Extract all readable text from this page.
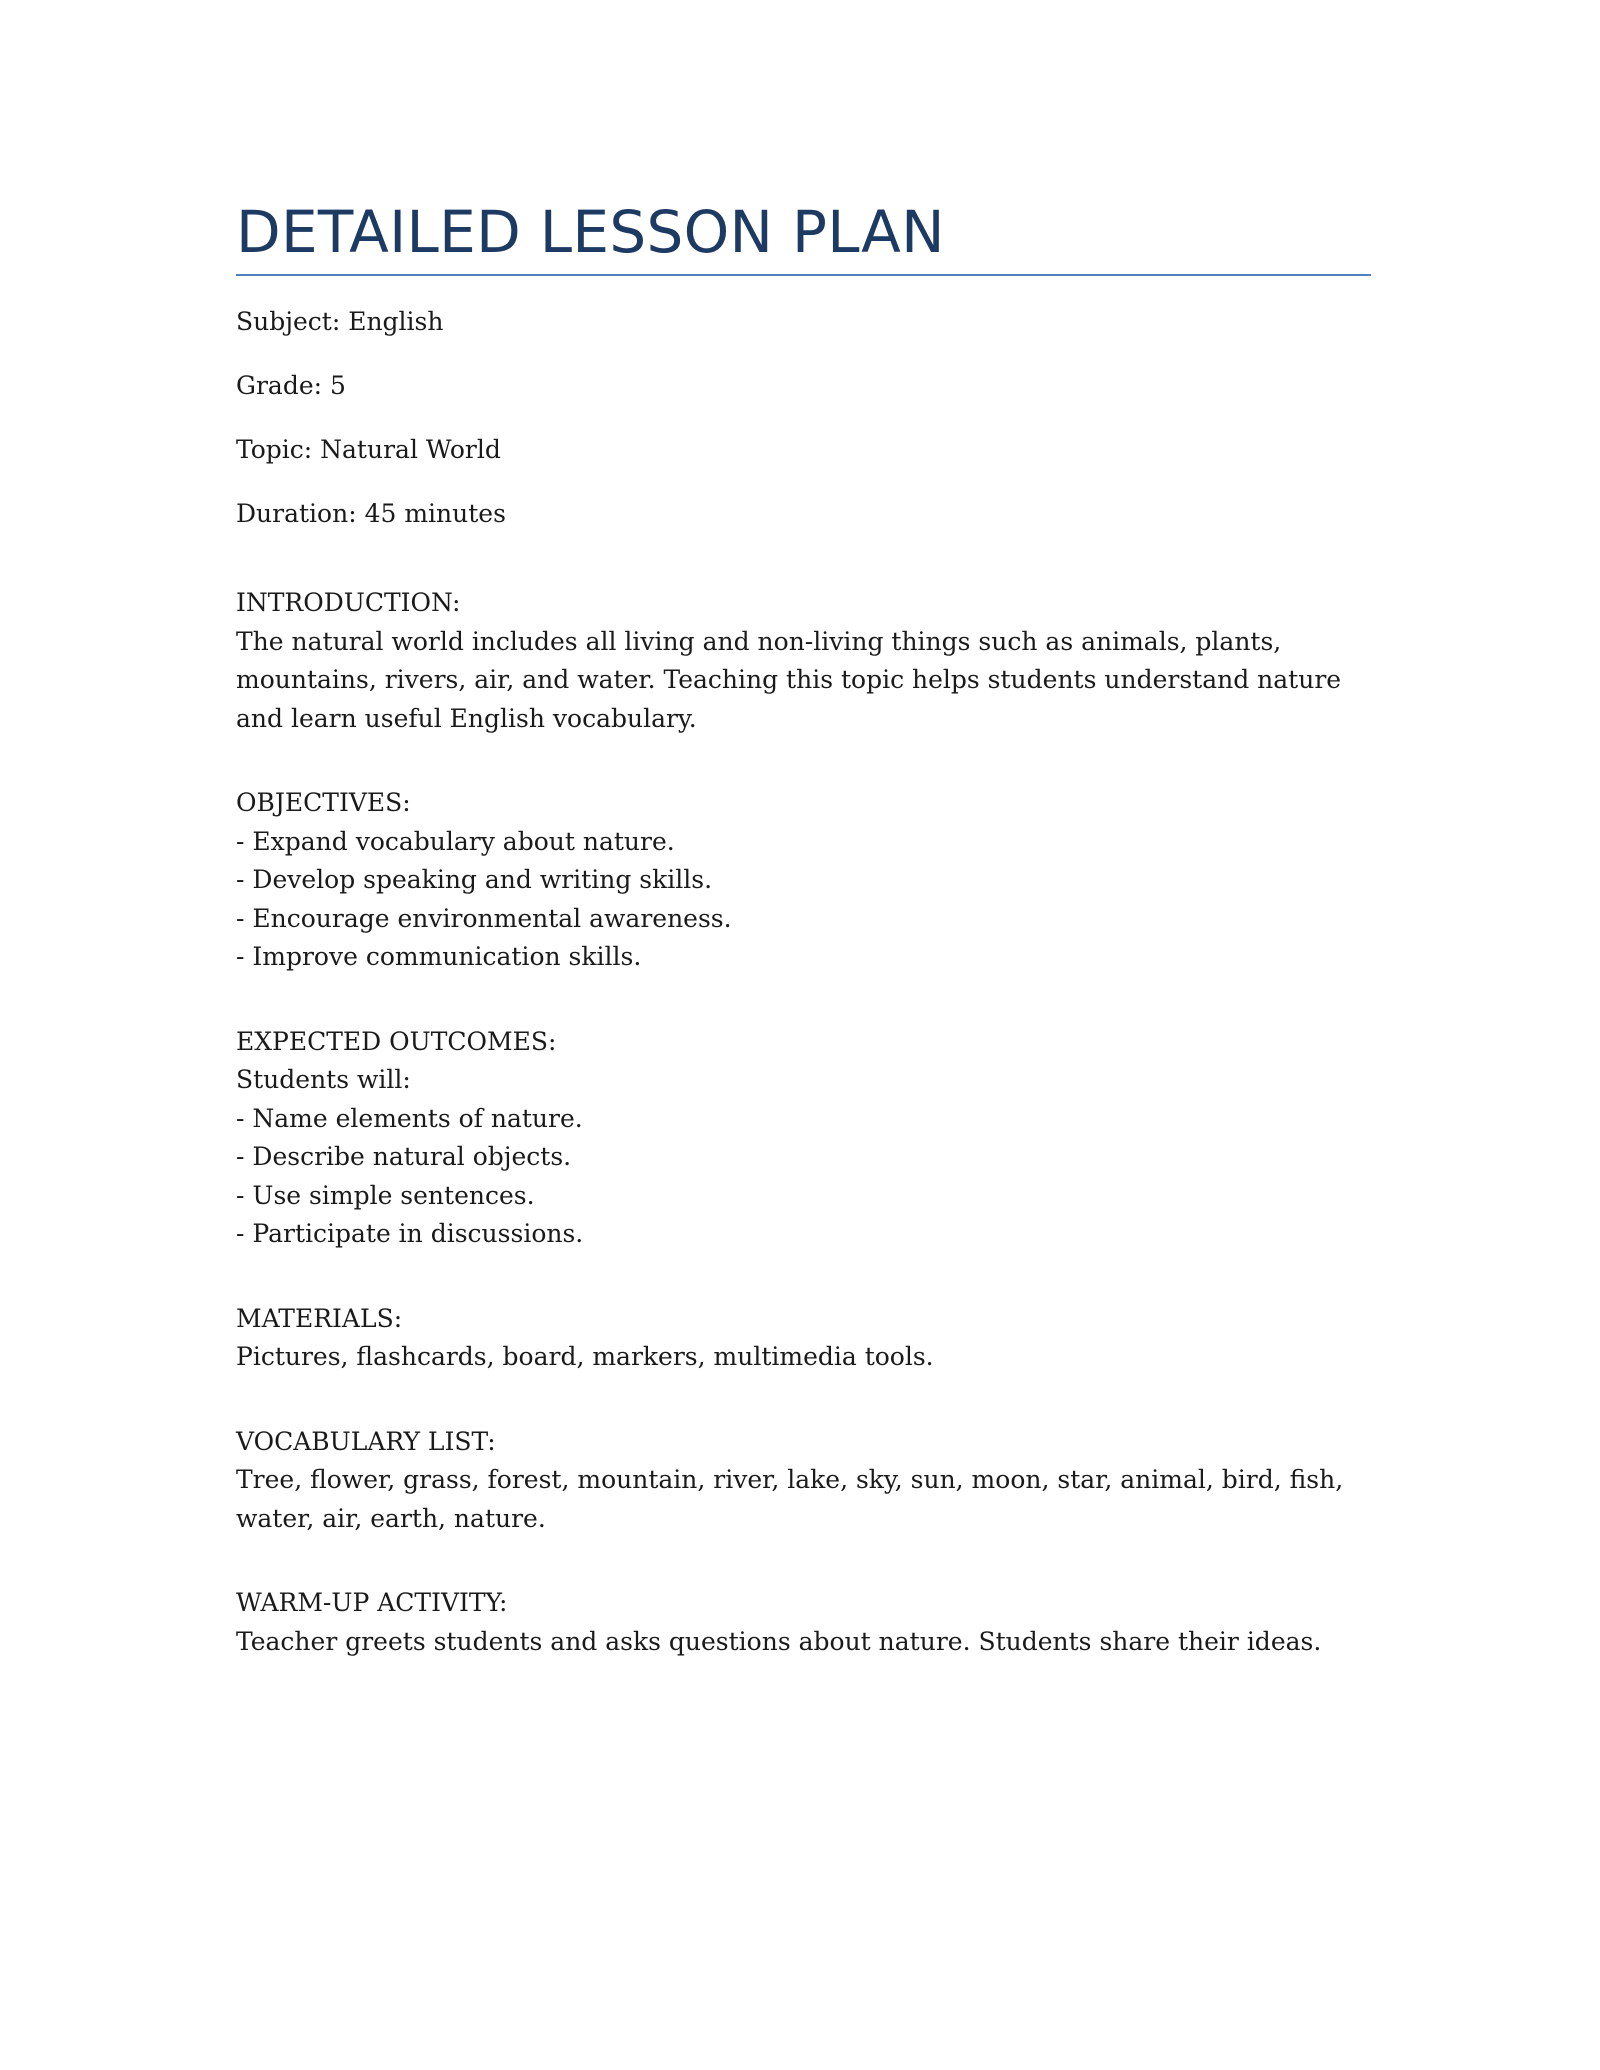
DETAILED LESSON PLAN

Subject: English

Grade: 5

Topic: Natural World

Duration: 45 minutes

INTRODUCTION:

The natural world includes all living and non-living things such as animals, plants, mountains, rivers, air, and water. Teaching this topic helps students understand nature and learn useful English vocabulary.

OBJECTIVES:

- Expand vocabulary about nature.
- Develop speaking and writing skills.
- Encourage environmental awareness.
- Improve communication skills.

EXPECTED OUTCOMES:

Students will:

- Name elements of nature.
- Describe natural objects.
- Use simple sentences.
- Participate in discussions.

MATERIALS:

Pictures, flashcards, board, markers, multimedia tools.

VOCABULARY LIST:

Tree, flower, grass, forest, mountain, river, lake, sky, sun, moon, star, animal, bird, fish, water, air, earth, nature.

WARM-UP ACTIVITY:

Teacher greets students and asks questions about nature. Students share their ideas.
